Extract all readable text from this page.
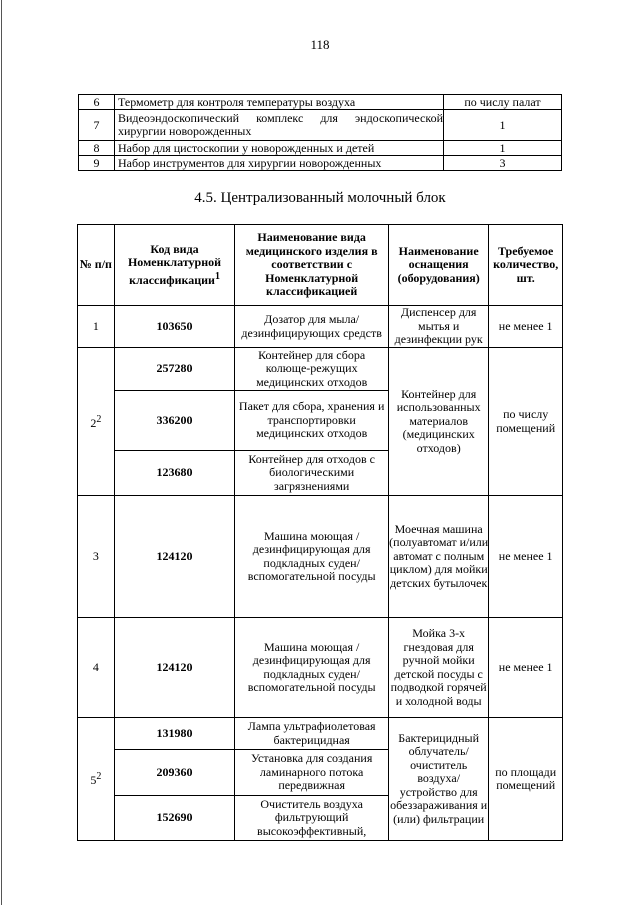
118
6	Термометр для контроля температуры воздуха	по числу палат
7	Видеоэндоскопический комплекс для эндоскопической хирургии новорожденных	1
8	Набор для цистоскопии у новорожденных и детей	1
9	Набор инструментов для хирургии новорожденных	3
4.5. Централизованный молочный блок
№ п/п	Код вида Номенклатурной классификации$^1$	Наименование вида медицинского изделия в соответствии с Номенклатурной классификацией	Наименование оснащения (оборудования)	Требуемое количество, шт.
1	103650	Дозатор для мыла/ дезинфицирующих средств	Диспенсер для мытья и дезинфекции рук	не менее 1
$2^2$	257280	Контейнер для сбора колюще-режущих медицинских отходов	Контейнер для использованных материалов (медицинских отходов)	по числу помещений
	336200	Пакет для сбора, хранения и транспортировки медицинских отходов		
	123680	Контейнер для отходов с биологическими загрязнениями		
3	124120	Машина моющая /дезинфицирующая для подкладных суден/вспомогательной посуды	Моечная машина (полуавтомат и/или автомат с полным циклом) для мойки детских бутылочек	не менее 1
4	124120	Машина моющая /дезинфицирующая для подкладных суден/вспомогательной посуды	Мойка 3-х гнездовая для ручной мойки детской посуды с подводкой горячей и холодной воды	не менее 1
$5^2$	131980	Лампа ультрафиолетовая бактерицидная	Бактерицидный облучатель/ очиститель воздуха/ устройство для обеззараживания и (или) фильтрации	по площади помещений
	209360	Установка для создания ламинарного потока передвижная		
	152690	Очиститель воздуха фильтрующий высокоэффективный,		
